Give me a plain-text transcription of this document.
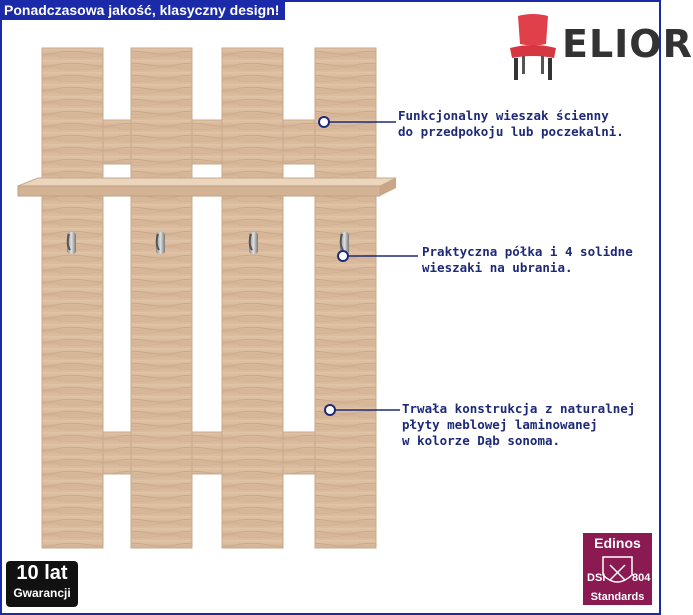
Ponadczasowa jakość, klasyczny design!
ELIOR
Funkcjonalny wieszak ścienny
do przedpokoju lub poczekalni.
Praktyczna półka i 4 solidne
wieszaki na ubrania.
Trwała konstrukcja z naturalnej
płyty meblowej laminowanej
w kolorze Dąb sonoma.
10 lat
Gwarancji
Edinos
DSI 804
Standards
